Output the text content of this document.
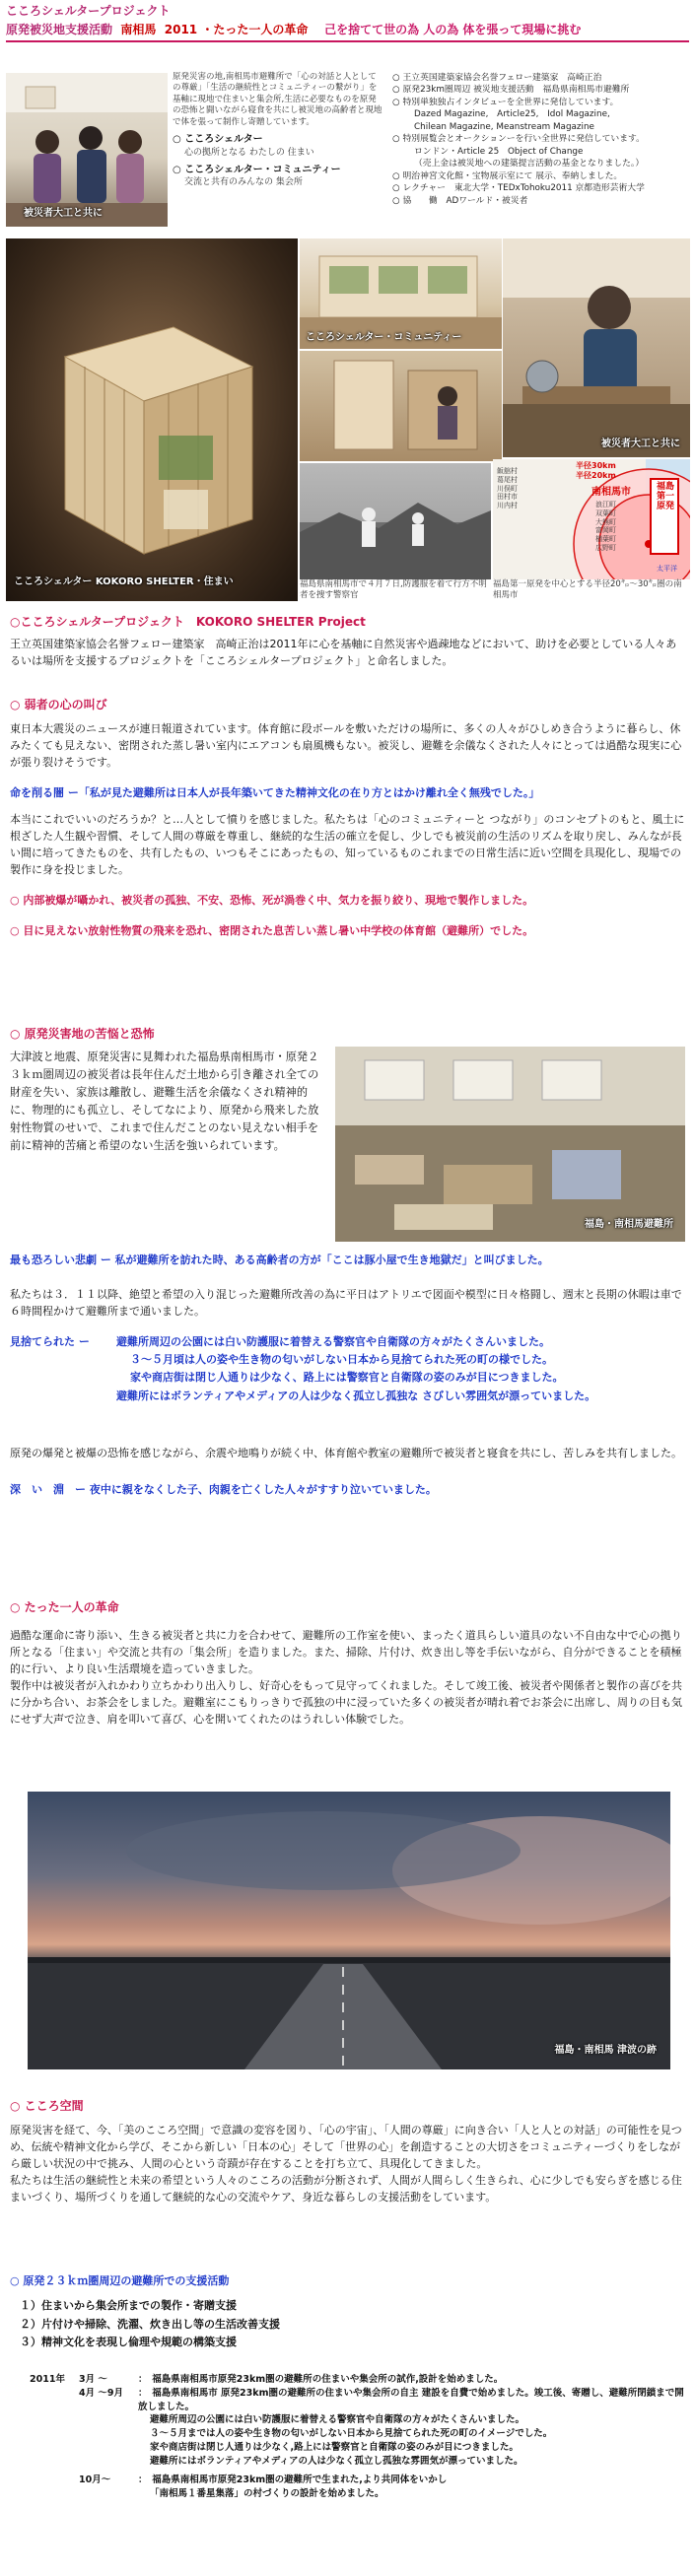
こころシェルタープロジェクト
原発被災地支援活動 南相馬 2011 ・たった一人の革命 己を捨てて世の為 人の為 体を張って現場に挑む
被災者大工と共に
原発災害の地,南相馬市避難所で「心の対話と人としての尊厳」「生活の継続性とコミュニティーの繋がり」を基軸に現地で住まいと集会所,生活に必要なものを原発の恐怖と闘いながら寝食を共にし被災地の高齢者と現地で体を張って制作し寄贈しています。
○ こころシェルター
心の拠所となる わたしの 住まい
○ こころシェルター・コミュニティー
交流と共有のみんなの 集会所
○ 王立英国建築家協会名誉フェロー建築家　高崎正治
○ 原発23km圏周辺 被災地支援活動　福島県南相馬市避難所
○ 特別単独独占インタビューを全世界に発信しています。
Dazed Magazine,　Article25,　Idol Magazine,
Chilean Magazine, Meanstream Magazine
○ 特別展覧会とオークションーを行い全世界に発信しています。
ロンドン・Article 25　Object of Change
（売上金は被災地への建築提言活動の基金となりました。）
○ 明治神宮文化館・宝物展示室にて 展示、奉納しました。
○ レクチャー　東北大学・TEDxTohoku2011 京都造形芸術大学
○ 協　　働　ADワールド・被災者
こころシェルター KOKORO SHELTER・住まい
こころシェルター・コミュニティー
被災者大工と共に
福島県南相馬市で４月７日,防護服を着て行方不明者を捜す警察官
半径30km
半径20km
南相馬市	福島第一原発
太平洋
飯舘村
葛尾村
川俣町
田村市
川内村	浪江町
双葉町
大熊町
富岡町
楢葉町
広野町
福島第一原発を中心とする半径20㌔〜30㌔圏の南相馬市
○こころシェルタープロジェクト　KOKORO SHELTER Project
王立英国建築家協会名誉フェロー建築家　高崎正治は2011年に心を基軸に自然災害や過疎地などにおいて、助けを必要としている人々あるいは場所を支援するプロジェクトを「こころシェルタープロジェクト」と命名しました。
○ 弱者の心の叫び
東日本大震災のニュースが連日報道されています。体育館に段ボールを敷いただけの場所に、多くの人々がひしめき合うように暮らし、休みたくても見えない、密閉された蒸し暑い室内にエアコンも扇風機もない。被災し、避難を余儀なくされた人々にとっては過酷な現実に心が張り裂けそうです。
命を削る闇 ー「私が見た避難所は日本人が長年築いてきた精神文化の在り方とはかけ離れ全く無残でした。」
本当にこれでいいのだろうか？と…人として憤りを感じました。私たちは「心のコミュニティーと つながり」のコンセプトのもと、風土に根ざした人生観や習慣、そして人間の尊厳を尊重し、継続的な生活の確立を促し、少しでも被災前の生活のリズムを取り戻し、みんなが長い間に培ってきたものを、共有したもの、いつもそこにあったもの、知っているものこれまでの日常生活に近い空間を具現化し、現場での製作に身を投じました。
○ 内部被爆が囁かれ、被災者の孤独、不安、恐怖、死が渦巻く中、気力を振り絞り、現地で製作しました。
○ 目に見えない放射性物質の飛来を恐れ、密閉された息苦しい蒸し暑い中学校の体育館（避難所）でした。
○ 原発災害地の苦悩と恐怖
大津波と地震、原発災害に見舞われた福島県南相馬市・原発２３ｋｍ圏周辺の被災者は長年住んだ土地から引き離され全ての財産を失い、家族は離散し、避難生活を余儀なくされ精神的に、物理的にも孤立し、そしてなにより、原発から飛来した放射性物質のせいで、これまで住んだことのない見えない相手を前に精神的苦痛と希望のない生活を強いられています。
福島・南相馬避難所
最も恐ろしい悲劇 ー 私が避難所を訪れた時、ある高齢者の方が「ここは豚小屋で生き地獄だ」と叫びました。
私たちは３．１１以降、絶望と希望の入り混じった避難所改善の為に平日はアトリエで図面や模型に日々格闘し、週末と長期の休暇は車で６時間程かけて避難所まで通いました。
見捨てられた ー	避難所周辺の公園には白い防護服に着替える警察官や自衛隊の方々がたくさんいました。
３～５月頃は人の姿や生き物の匂いがしない日本から見捨てられた死の町の様でした。
家や商店街は閉じ人通りは少なく、路上には警察官と自衛隊の姿のみが目につきました。
避難所にはボランティアやメディアの人は少なく孤立し孤独な さびしい雰囲気が漂っていました。
原発の爆発と被爆の恐怖を感じながら、余震や地鳴りが続く中、体育館や教室の避難所で被災者と寝食を共にし、苦しみを共有しました。
深　い　淵　ー 夜中に親をなくした子、肉親を亡くした人々がすすり泣いていました。
○ たった一人の革命
過酷な運命に寄り添い、生きる被災者と共に力を合わせて、避難所の工作室を使い、まったく道具らしい道具のない不自由な中で心の拠り所となる「住まい」や交流と共有の「集会所」を造りました。また、掃除、片付け、炊き出し等を手伝いながら、自分ができることを積極的に行い、より良い生活環境を造っていきました。
製作中は被災者が入れかわり立ちかわり出入りし、好奇心をもって見守ってくれました。そして竣工後、被災者や関係者と製作の喜びを共に分かち合い、お茶会をしました。避難室にこもりっきりで孤独の中に浸っていた多くの被災者が晴れ着でお茶会に出席し、周りの目も気にせず大声で泣き、肩を叩いて喜び、心を開いてくれたのはうれしい体験でした。
福島・南相馬 津波の跡
○ こころ空間
原発災害を経て、今、「美のこころ空間」で意識の変容を図り、「心の宇宙」、「人間の尊厳」に向き合い「人と人との対話」の可能性を見つめ、伝統や精神文化から学び、そこから新しい「日本の心」そして「世界の心」を創造することの大切さをコミュニティーづくりをしながら厳しい状況の中で挑み、人間の心という奇蹟が存在することを打ち立て、具現化してきました。
私たちは生活の継続性と未来の希望という人々のこころの活動が分断されず、人間が人間らしく生きられ、心に少しでも安らぎを感じる住まいづくり、場所づくりを通して継続的な心の交流やケア、身近な暮らしの支援活動をしています。
○ 原発２３ｋｍ圏周辺の避難所での支援活動
１）住まいから集会所までの製作・寄贈支援
２）片付けや掃除、洗濯、炊き出し等の生活改善支援
３）精神文化を表現し倫理や規範の構築支援
2011年	3月 ～	：　福島県南相馬市原発23km圏の避難所の住まいや集会所の試作,設計を始めました。
4月 ～9月	：　福島県南相馬市 原発23km圏の避難所の住まいや集会所の自主 建設を自費で始めました。竣工後、寄贈し、避難所閉鎖まで開放しました。
避難所周辺の公園には白い防護服に着替える警察官や自衛隊の方々がたくさんいました。
３～５月までは人の姿や生き物の匂いがしない日本から見捨てられた死の町のイメージでした。
家や商店街は閉じ人通りは少なく,路上には警察官と自衛隊の姿のみが目につきました。
避難所にはボランティアやメディアの人は少なく孤立し孤独な雰囲気が漂っていました。
10月～	：　福島県南相馬市原発23km圏の避難所で生まれた,より共同体をいかし
「南相馬１番星集落」の村づくりの設計を始めました。
